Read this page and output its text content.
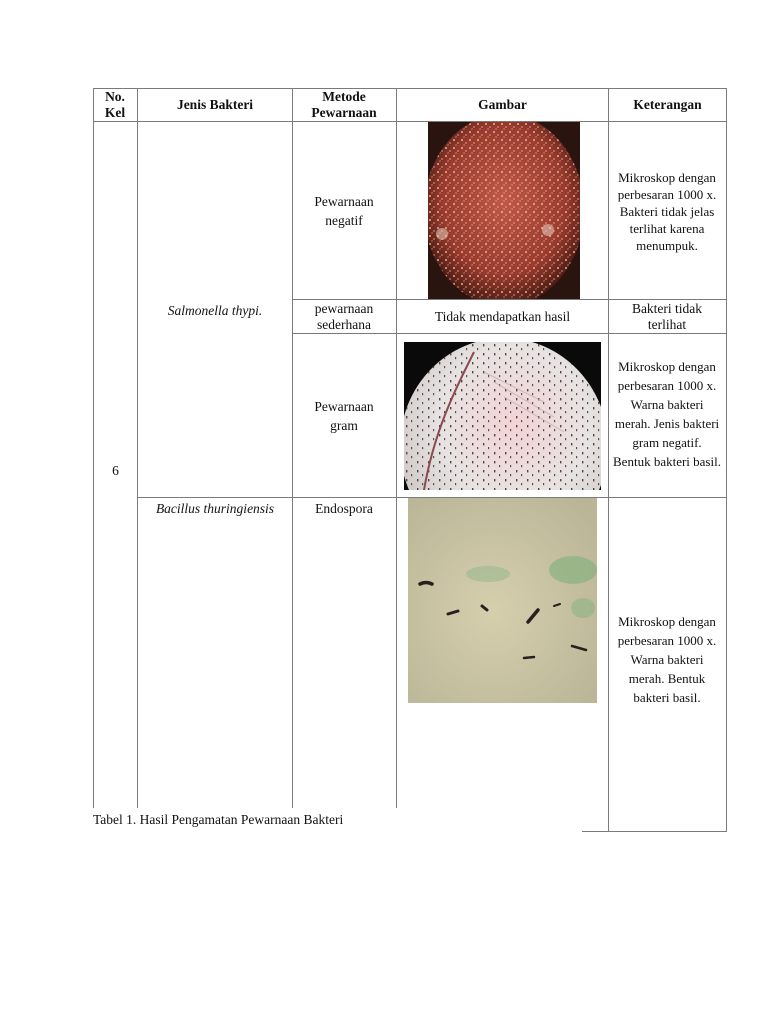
No. Kel
Jenis Bakteri
Metode Pewarnaan
Gambar	Keterangan
6
Salmonella thypi.
Bacillus thuringiensis
Pewarnaan negatif
Mikroskop dengan perbesaran 1000 x. Bakteri tidak jelas terlihat karena menumpuk.
pewarnaan sederhana	Tidak mendapatkan hasil
Bakteri tidak terlihat
Pewarnaan gram
Mikroskop dengan perbesaran 1000 x. Warna bakteri merah. Jenis bakteri gram negatif. Bentuk bakteri basil.
Endospora
Mikroskop dengan perbesaran 1000 x. Warna bakteri merah. Bentuk bakteri basil.
Tabel 1. Hasil Pengamatan Pewarnaan Bakteri
